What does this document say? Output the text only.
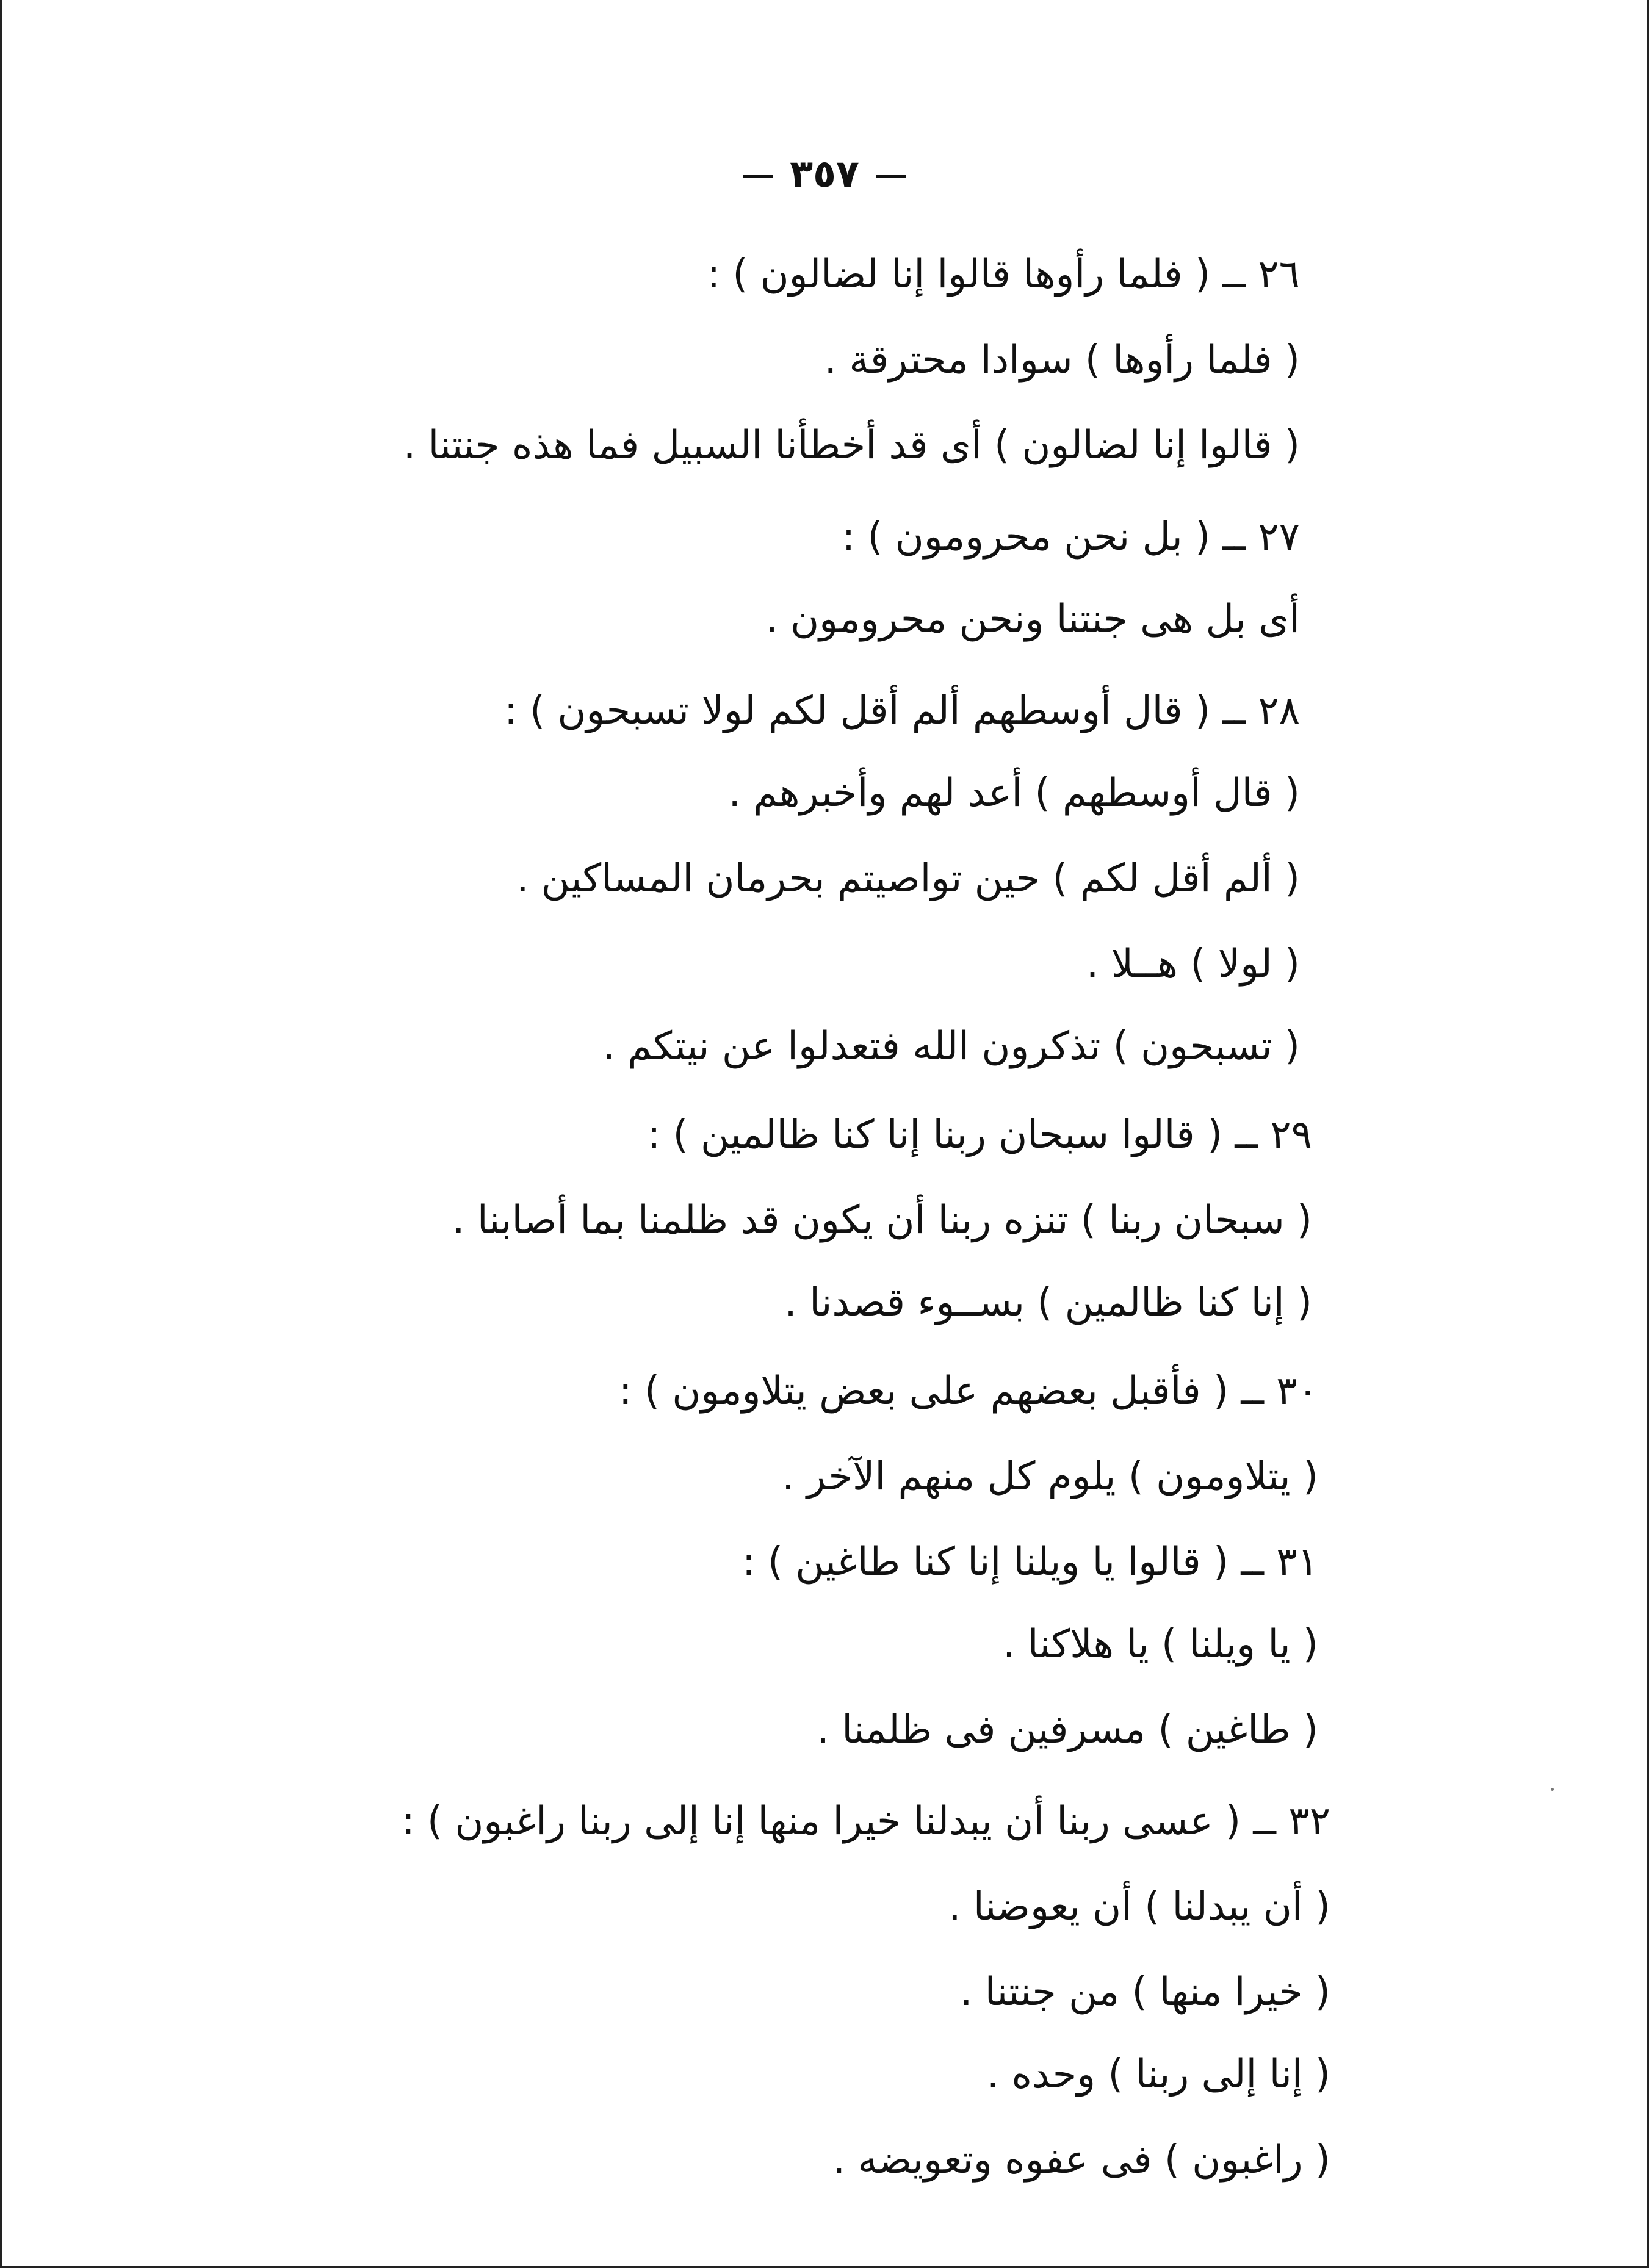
٣٥٧
٢٦ ــ ( فلما رأوها قالوا إنا لضالون ) :
( فلما رأوها ) سوادا محترقة .
( قالوا إنا لضالون ) أى قد أخطأنا السبيل فما هذه جنتنا .
٢٧ ــ ( بل نحن محرومون ) :
أى بل هى جنتنا ونحن محرومون .
٢٨ ــ ( قال أوسطهم ألم أقل لكم لولا تسبحون ) :
( قال أوسطهم ) أعد لهم وأخبرهم .
( ألم أقل لكم ) حين تواصيتم بحرمان المساكين .
( لولا ) هــلا .
( تسبحون ) تذكرون الله فتعدلوا عن نيتكم .
٢٩ ــ ( قالوا سبحان ربنا إنا كنا ظالمين ) :
( سبحان ربنا ) تنزه ربنا أن يكون قد ظلمنا بما أصابنا .
( إنا كنا ظالمين ) بســوء قصدنا .
٣٠ ــ ( فأقبل بعضهم على بعض يتلاومون ) :
( يتلاومون ) يلوم كل منهم الآخر .
٣١ ــ ( قالوا يا ويلنا إنا كنا طاغين ) :
( يا ويلنا ) يا هلاكنا .
( طاغين ) مسرفين فى ظلمنا .
٣٢ ــ ( عسى ربنا أن يبدلنا خيرا منها إنا إلى ربنا راغبون ) :
( أن يبدلنا ) أن يعوضنا .
( خيرا منها ) من جنتنا .
( إنا إلى ربنا ) وحده .
( راغبون ) فى عفوه وتعويضه .
